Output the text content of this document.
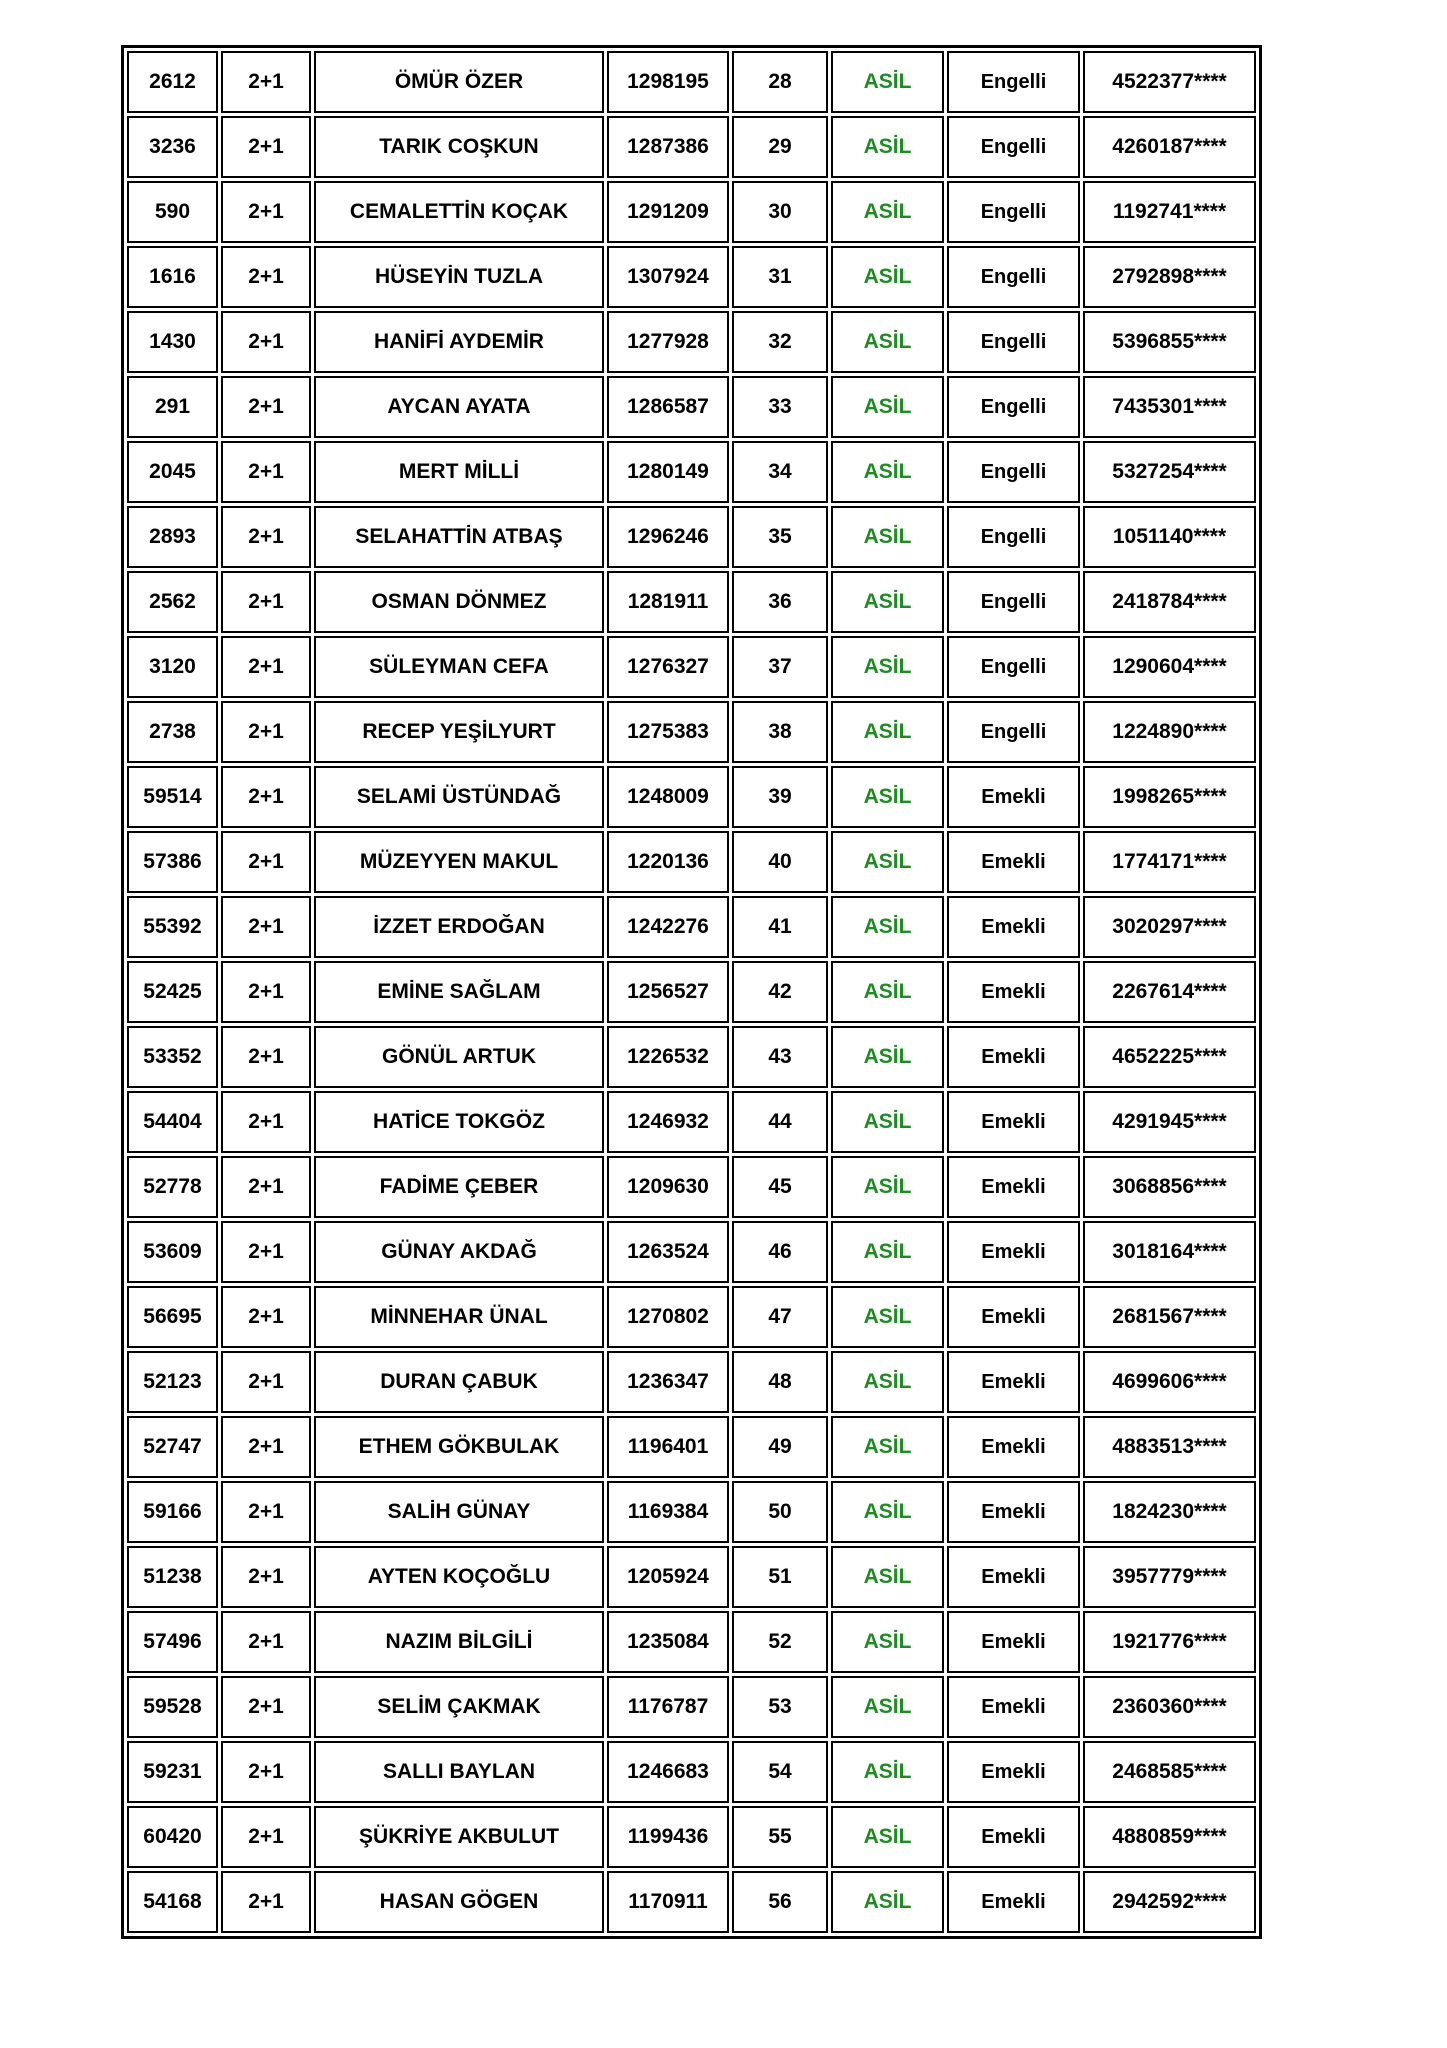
2612	2+1	ÖMÜR ÖZER	1298195	28	ASİL	Engelli	4522377****
3236	2+1	TARIK COŞKUN	1287386	29	ASİL	Engelli	4260187****
590	2+1	CEMALETTİN KOÇAK	1291209	30	ASİL	Engelli	1192741****
1616	2+1	HÜSEYİN TUZLA	1307924	31	ASİL	Engelli	2792898****
1430	2+1	HANİFİ AYDEMİR	1277928	32	ASİL	Engelli	5396855****
291	2+1	AYCAN AYATA	1286587	33	ASİL	Engelli	7435301****
2045	2+1	MERT MİLLİ	1280149	34	ASİL	Engelli	5327254****
2893	2+1	SELAHATTİN ATBAŞ	1296246	35	ASİL	Engelli	1051140****
2562	2+1	OSMAN DÖNMEZ	1281911	36	ASİL	Engelli	2418784****
3120	2+1	SÜLEYMAN CEFA	1276327	37	ASİL	Engelli	1290604****
2738	2+1	RECEP YEŞİLYURT	1275383	38	ASİL	Engelli	1224890****
59514	2+1	SELAMİ ÜSTÜNDAĞ	1248009	39	ASİL	Emekli	1998265****
57386	2+1	MÜZEYYEN MAKUL	1220136	40	ASİL	Emekli	1774171****
55392	2+1	İZZET ERDOĞAN	1242276	41	ASİL	Emekli	3020297****
52425	2+1	EMİNE SAĞLAM	1256527	42	ASİL	Emekli	2267614****
53352	2+1	GÖNÜL ARTUK	1226532	43	ASİL	Emekli	4652225****
54404	2+1	HATİCE TOKGÖZ	1246932	44	ASİL	Emekli	4291945****
52778	2+1	FADİME ÇEBER	1209630	45	ASİL	Emekli	3068856****
53609	2+1	GÜNAY AKDAĞ	1263524	46	ASİL	Emekli	3018164****
56695	2+1	MİNNEHAR ÜNAL	1270802	47	ASİL	Emekli	2681567****
52123	2+1	DURAN ÇABUK	1236347	48	ASİL	Emekli	4699606****
52747	2+1	ETHEM GÖKBULAK	1196401	49	ASİL	Emekli	4883513****
59166	2+1	SALİH GÜNAY	1169384	50	ASİL	Emekli	1824230****
51238	2+1	AYTEN KOÇOĞLU	1205924	51	ASİL	Emekli	3957779****
57496	2+1	NAZIM BİLGİLİ	1235084	52	ASİL	Emekli	1921776****
59528	2+1	SELİM ÇAKMAK	1176787	53	ASİL	Emekli	2360360****
59231	2+1	SALLI BAYLAN	1246683	54	ASİL	Emekli	2468585****
60420	2+1	ŞÜKRİYE AKBULUT	1199436	55	ASİL	Emekli	4880859****
54168	2+1	HASAN GÖGEN	1170911	56	ASİL	Emekli	2942592****
